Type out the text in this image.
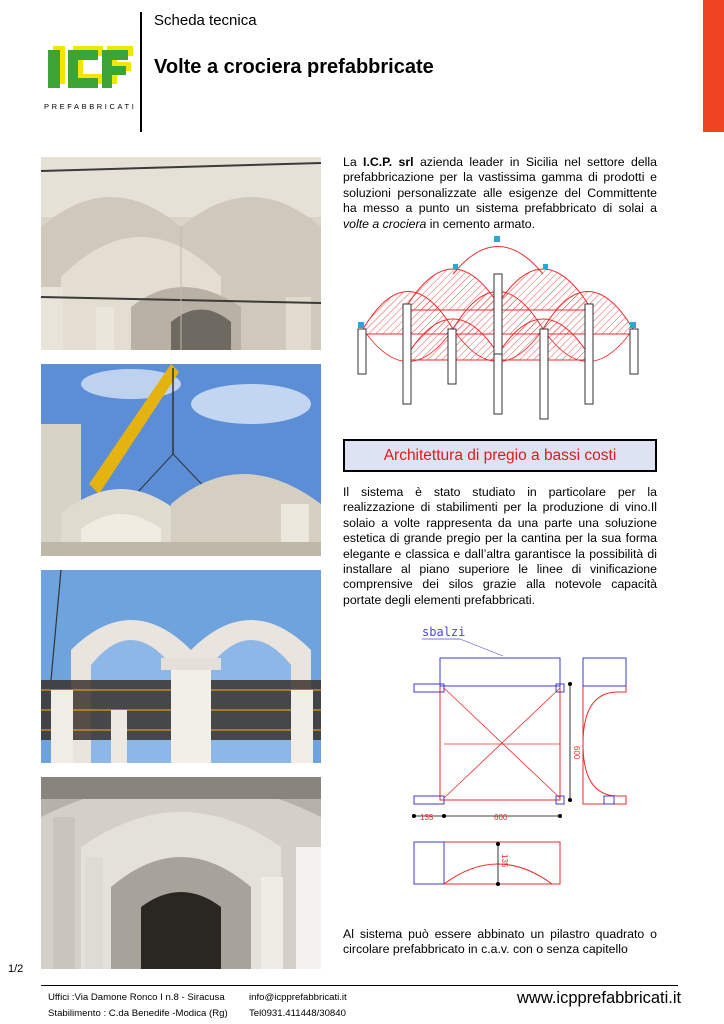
PREFABBRICATI
Scheda tecnica
Volte a crociera prefabbricate
La I.C.P. srl azienda leader in Sicilia nel settore della prefabbricazione per la vastissima gamma di prodotti e soluzioni personalizzate alle esigenze del Committente ha messo a punto un sistema prefabbricato di solai a volte a crociera in cemento armato.
Architettura di pregio a bassi costi
Il sistema è stato studiato in particolare per la realizzazione di stabilimenti per la produzione di vino.Il solaio a volte rappresenta da una parte una soluzione estetica di grande pregio per la cantina per la sua forma elegante e classica e dall’altra garantisce la possibilità di installare al piano superiore le linee di vinificazione comprensive dei silos grazie alla notevole capacità portate degli elementi prefabbricati.
sbalzi
600
135	600
135
Al sistema può essere abbinato un pilastro quadrato o circolare prefabbricato in c.a.v. con o senza capitello
1/2
Uffici :Via Damone Ronco I n.8 - Siracusa
Stabilimento : C.da Benedife -Modica (Rg)
info@icpprefabbricati.it
Tel0931.411448/30840
www.icpprefabbricati.it
